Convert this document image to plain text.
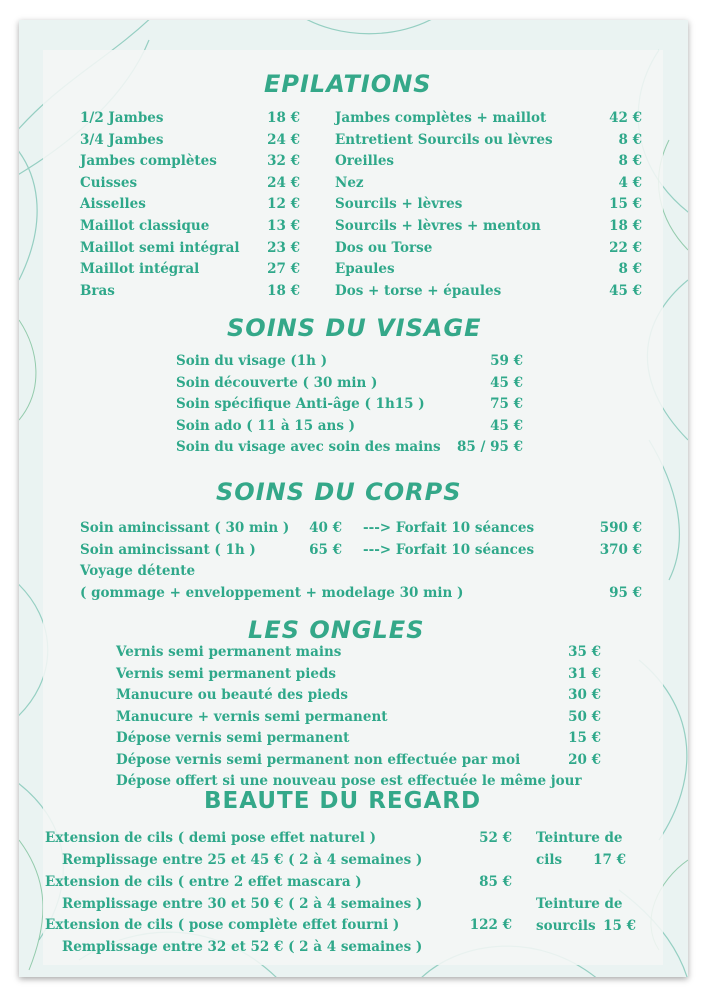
EPILATIONS
1/2 Jambes	18 €
3/4 Jambes	24 €
Jambes complètes	32 €
Cuisses	24 €
Aisselles	12 €
Maillot classique	13 €
Maillot semi intégral	23 €
Maillot intégral	27 €
Bras	18 €
Jambes complètes + maillot	42 €
Entretient Sourcils ou lèvres	8 €
Oreilles	8 €
Nez	4 €
Sourcils + lèvres	15 €
Sourcils + lèvres + menton	18 €
Dos ou Torse	22 €
Epaules	8 €
Dos + torse + épaules	45 €
SOINS DU VISAGE
Soin du visage (1h )	59 €
Soin découverte ( 30 min )	45 €
Soin spécifique Anti-âge ( 1h15 )	75 €
Soin ado ( 11 à 15 ans )	45 €
Soin du visage avec soin des mains	85 / 95 €
SOINS DU CORPS
Soin amincissant ( 30 min )	40 € ---> Forfait 10 séances	590 €
Soin amincissant ( 1h )	65 € ---> Forfait 10 séances	370 €
Voyage détente
( gommage + enveloppement + modelage 30 min )	95 €
LES ONGLES
Vernis semi permanent mains	35 €
Vernis semi permanent pieds	31 €
Manucure ou beauté des pieds	30 €
Manucure + vernis semi permanent	50 €
Dépose vernis semi permanent	15 €
Dépose vernis semi permanent non effectuée par moi	20 €
Dépose offert si une nouveau pose est effectuée le même jour
BEAUTE DU REGARD
Extension de cils ( demi pose effet naturel )	52 €
Remplissage entre 25 et 45 € ( 2 à 4 semaines )
Extension de cils ( entre 2 effet mascara )	85 €
Remplissage entre 30 et 50 € ( 2 à 4 semaines )
Extension de cils ( pose complète effet fourni )	122 €
Remplissage entre 32 et 52 € ( 2 à 4 semaines )
Teinture de
cils	17 €
Teinture de
sourcils 15 €
